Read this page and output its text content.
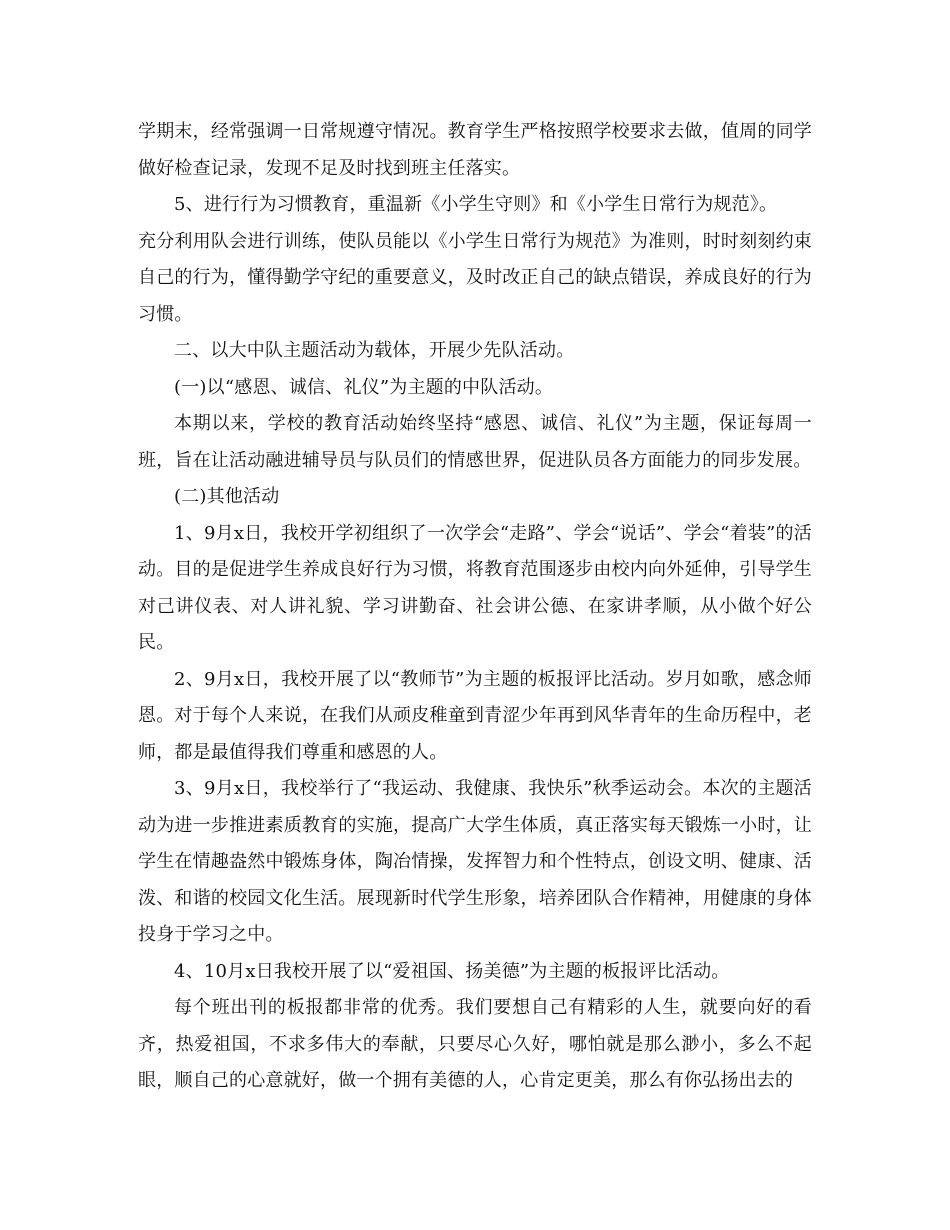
学期末，经常强调一日常规遵守情况。教育学生严格按照学校要求去做，值周的同学做好检查记录，发现不足及时找到班主任落实。

5、进行行为习惯教育，重温新《小学生守则》和《小学生日常行为规范》。

充分利用队会进行训练，使队员能以《小学生日常行为规范》为准则，时时刻刻约束自己的行为，懂得勤学守纪的重要意义，及时改正自己的缺点错误，养成良好的行为习惯。

二、以大中队主题活动为载体，开展少先队活动。

(一)以“感恩、诚信、礼仪”为主题的中队活动。

本期以来，学校的教育活动始终坚持“感恩、诚信、礼仪”为主题，保证每周一班，旨在让活动融进辅导员与队员们的情感世界，促进队员各方面能力的同步发展。

(二)其他活动

1、9月x日，我校开学初组织了一次学会“走路”、学会“说话”、学会“着装”的活动。目的是促进学生养成良好行为习惯，将教育范围逐步由校内向外延伸，引导学生对己讲仪表、对人讲礼貌、学习讲勤奋、社会讲公德、在家讲孝顺，从小做个好公民。

2、9月x日，我校开展了以“教师节”为主题的板报评比活动。岁月如歌，感念师恩。对于每个人来说，在我们从顽皮稚童到青涩少年再到风华青年的生命历程中，老师，都是最值得我们尊重和感恩的人。

3、9月x日，我校举行了“我运动、我健康、我快乐”秋季运动会。本次的主题活动为进一步推进素质教育的实施，提高广大学生体质，真正落实每天锻炼一小时，让学生在情趣盎然中锻炼身体，陶冶情操，发挥智力和个性特点，创设文明、健康、活泼、和谐的校园文化生活。展现新时代学生形象，培养团队合作精神，用健康的身体投身于学习之中。

4、10月x日我校开展了以“爱祖国、扬美德”为主题的板报评比活动。

每个班出刊的板报都非常的优秀。我们要想自己有精彩的人生，就要向好的看齐，热爱祖国，不求多伟大的奉献，只要尽心久好，哪怕就是那么渺小，多么不起眼，顺自己的心意就好，做一个拥有美德的人，心肯定更美，那么有你弘扬出去的
